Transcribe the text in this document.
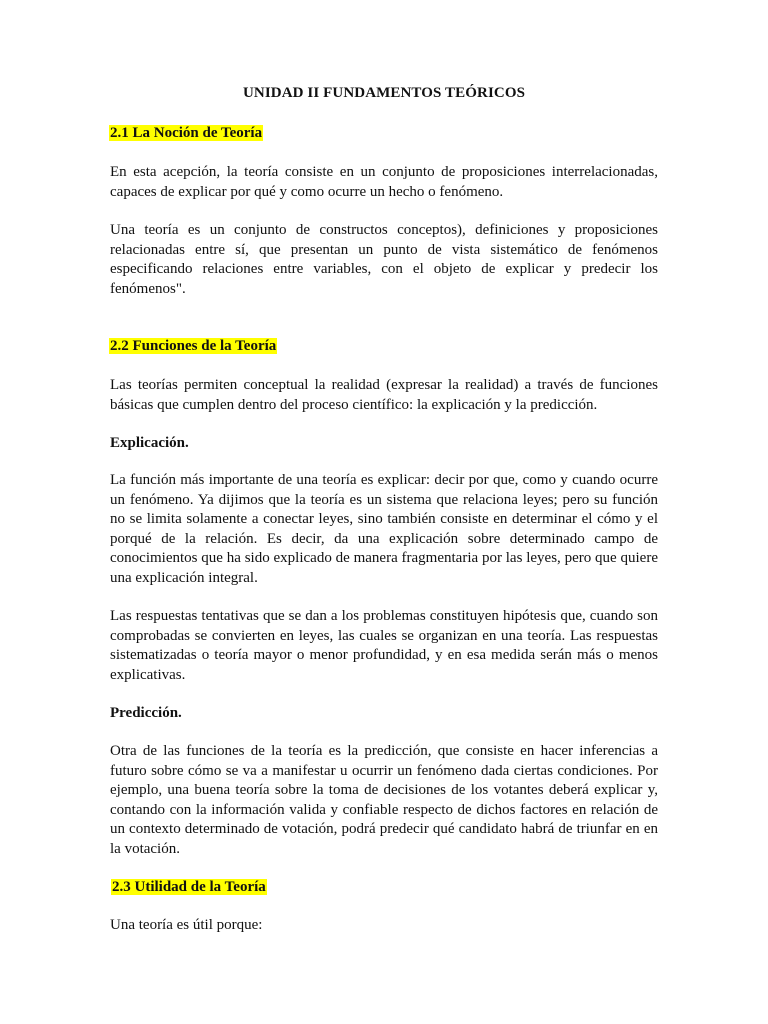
UNIDAD II FUNDAMENTOS TEÓRICOS
2.1 La Noción de Teoría

En esta acepción, la teoría consiste en un conjunto de proposiciones interrelacionadas, capaces de explicar por qué y como ocurre un hecho o fenómeno.

Una teoría es un conjunto de constructos conceptos), definiciones y proposiciones relacionadas entre sí, que presentan un punto de vista sistemático de fenómenos especificando relaciones entre variables, con el objeto de explicar y predecir los fenómenos".

2.2 Funciones de la Teoría

Las teorías permiten conceptual la realidad (expresar la realidad) a través de funciones básicas que cumplen dentro del proceso científico: la explicación y la predicción.

Explicación.

La función más importante de una teoría es explicar: decir por que, como y cuando ocurre un fenómeno. Ya dijimos que la teoría es un sistema que relaciona leyes; pero su función no se limita solamente a conectar leyes, sino también consiste en determinar el cómo y el porqué de la relación. Es decir, da una explicación sobre determinado campo de conocimientos que ha sido explicado de manera fragmentaria por las leyes, pero que quiere una explicación integral.

Las respuestas tentativas que se dan a los problemas constituyen hipótesis que, cuando son comprobadas se convierten en leyes, las cuales se organizan en una teoría. Las respuestas sistematizadas o teoría mayor o menor profundidad, y en esa medida serán más o menos explicativas.

Predicción.

Otra de las funciones de la teoría es la predicción, que consiste en hacer inferencias a futuro sobre cómo se va a manifestar u ocurrir un fenómeno dada ciertas condiciones. Por ejemplo, una buena teoría sobre la toma de decisiones de los votantes deberá explicar y, contando con la información valida y confiable respecto de dichos factores en relación de un contexto determinado de votación, podrá predecir qué candidato habrá de triunfar en en la votación.

2.3 Utilidad de la Teoría

Una teoría es útil porque:
